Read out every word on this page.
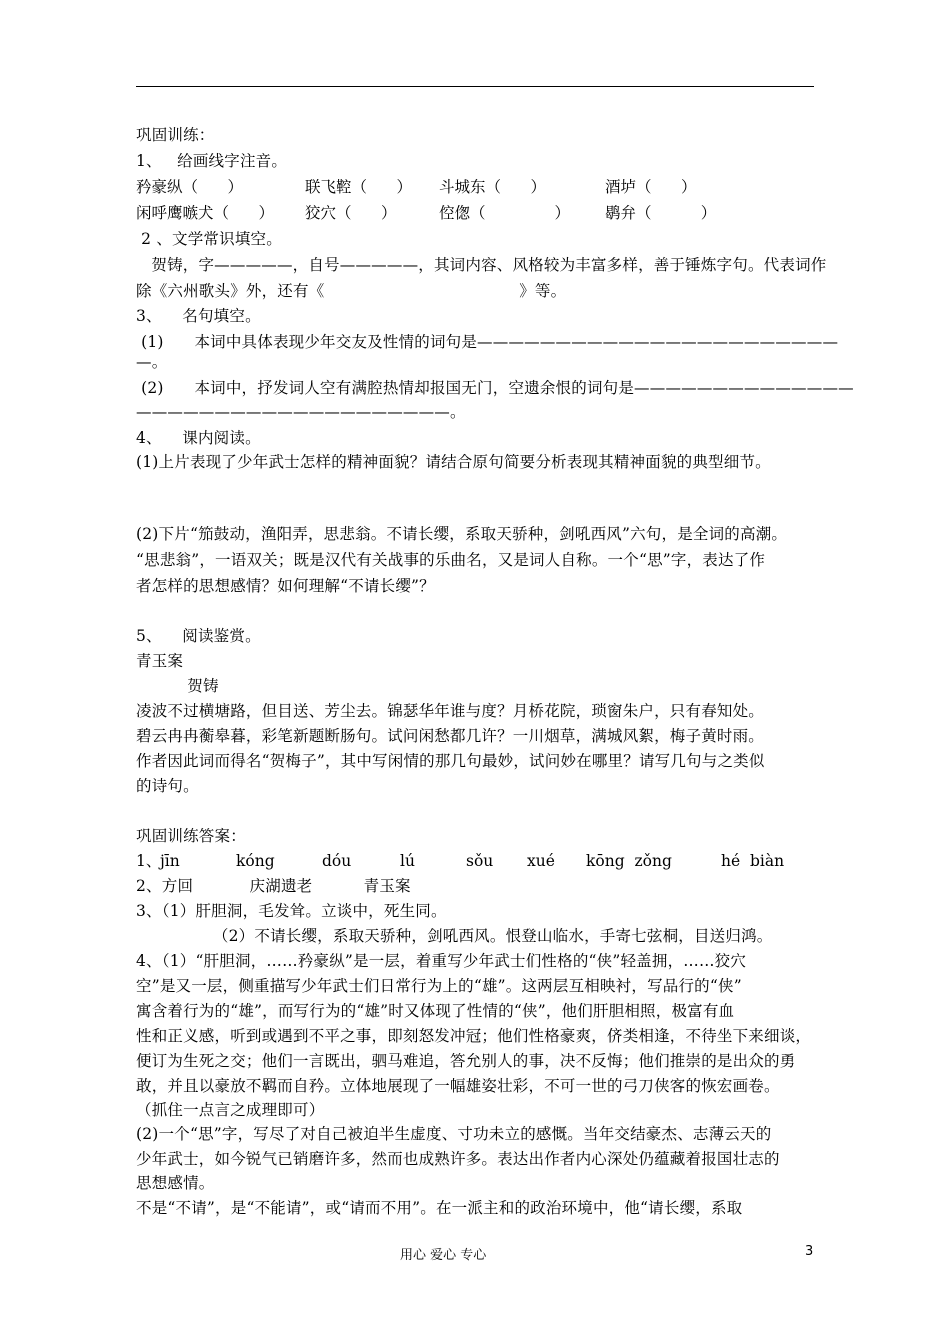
巩固训练：
1、   给画线字注音。
矜豪纵（      ）	联飞鞚（      ） 斗城东（      ）	酒垆（      ）
闲呼鹰嗾犬（      ） 狡穴（      ）	倥偬（              ） 鹖弁（          ）
2 、文学常识填空。
贺铸，字—————，自号—————，其词内容、风格较为丰富多样，善于锤炼字句。代表词作
除《六州歌头》外，还有《                                      》等。
3、    名句填空。
(1)      本词中具体表现少年交友及性情的词句是———————————————————————
—。
(2)      本词中，抒发词人空有满腔热情却报国无门，空遗余恨的词句是——————————————
————————————————————。
4、    课内阅读。
(1)上片表现了少年武士怎样的精神面貌？请结合原句简要分析表现其精神面貌的典型细节。
(2)下片“笳鼓动，渔阳弄，思悲翁。不请长缨，系取天骄种，剑吼西风”六句，是全词的高潮。
“思悲翁”，一语双关；既是汉代有关战事的乐曲名，又是词人自称。一个“思”字，表达了作
者怎样的思想感情？如何理解“不请长缨”？
5、    阅读鉴赏。
青玉案
贺铸
凌波不过横塘路，但目送、芳尘去。锦瑟华年谁与度？月桥花院，琐窗朱户，只有春知处。
碧云冉冉蘅皋暮，彩笔新题断肠句。试问闲愁都几许？一川烟草，满城风絮，梅子黄时雨。
作者因此词而得名“贺梅子”，其中写闲情的那几句最妙，试问妙在哪里？请写几句与之类似
的诗句。
巩固训练答案：
1、
jīn	kóng	dóu	lú	sǒu xué kōng  zǒng	hé  biàn
2、方回           庆湖遗老          青玉案
3、（1）肝胆洞，毛发耸。立谈中，死生同。
（2）不请长缨，系取天骄种，剑吼西风。恨登山临水，手寄七弦桐，目送归鸿。
4、（1）“肝胆洞，……矜豪纵”是一层，着重写少年武士们性格的“侠”轻盖拥，……狡穴
空”是又一层，侧重描写少年武士们日常行为上的“雄”。这两层互相映衬，写品行的“侠”
寓含着行为的“雄”，而写行为的“雄”时又体现了性情的“侠”，他们肝胆相照，极富有血
性和正义感，听到或遇到不平之事，即刻怒发冲冠；他们性格豪爽，侪类相逢，不待坐下来细谈，
便订为生死之交；他们一言既出，驷马难追，答允别人的事，决不反悔；他们推崇的是出众的勇
敢，并且以豪放不羁而自矜。立体地展现了一幅雄姿壮彩，不可一世的弓刀侠客的恢宏画卷。
（抓住一点言之成理即可）
(2)一个“思”字，写尽了对自己被迫半生虚度、寸功未立的感慨。当年交结豪杰、志薄云天的
少年武士，如今锐气已销磨许多，然而也成熟许多。表达出作者内心深处仍蕴藏着报国壮志的
思想感情。
不是“不请”，是“不能请”，或“请而不用”。在一派主和的政治环境中，他“请长缨，系取
用心 爱心 专心	3
